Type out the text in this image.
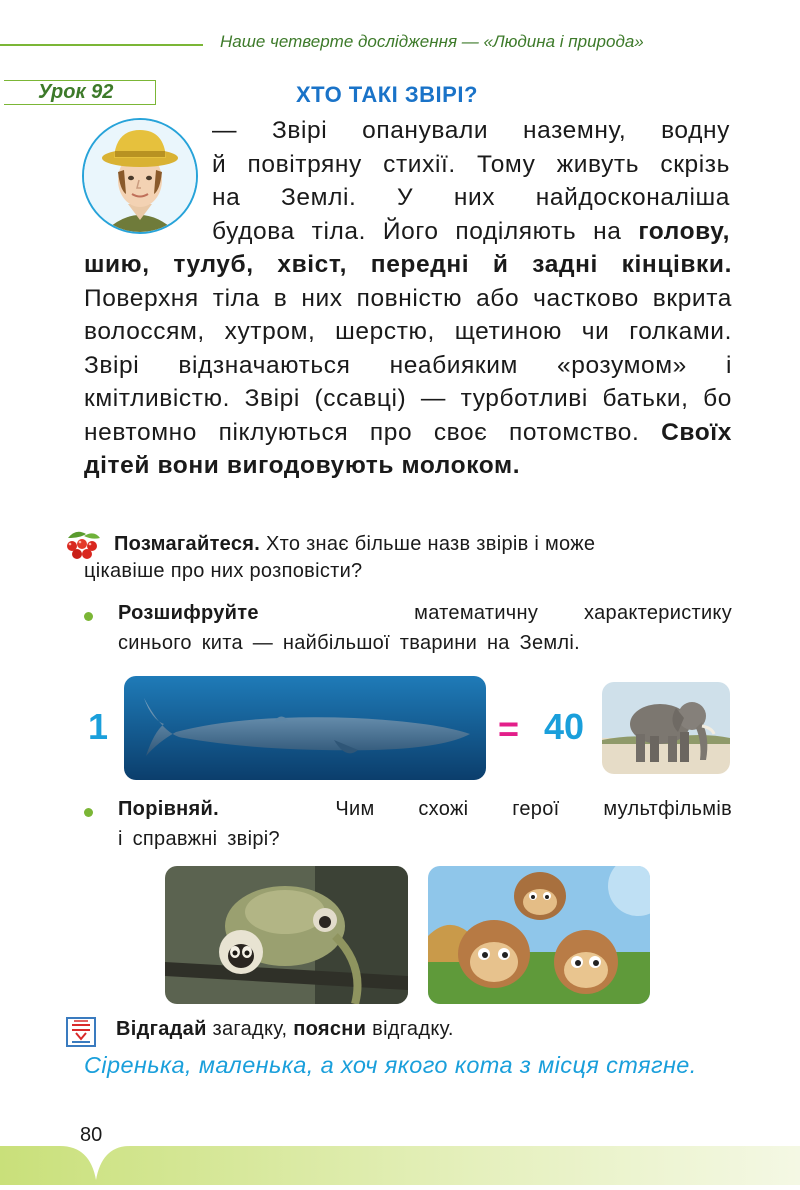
Наше четверте дослідження — «Людина і природа»
Урок 92	ХТО ТАКІ ЗВІРІ?
— Звірі опанували наземну, водну
й повітряну стихії. Тому живуть скрізь
на Землі. У них найдосконаліша
будова тіла. Його поділяють на голову,
шию, тулуб, хвіст, передні й задні кінцівки. Поверхня тіла в них повністю або частково вкрита волоссям, хутром, шерстю, щетиною чи голками. Звірі відзначаються неабияким «розумом» і кмітливістю. Звірі (ссавці) — турботливі батьки, бо невтомно піклуються про своє потомство. Своїх дітей вони вигодовують молоком.
Позмагайтеся. Хто знає більше назв звірів і може
цікавіше про них розповісти?
Розшифруйте	математичну характеристику
синього кита — найбільшої тварини на Землі.
1	= 40
Порівняй.	Чим схожі герої мультфільмів
і справжні звірі?
Відгадай загадку, поясни відгадку.
Сіренька, маленька, а хоч якого кота з місця стягне.
80
